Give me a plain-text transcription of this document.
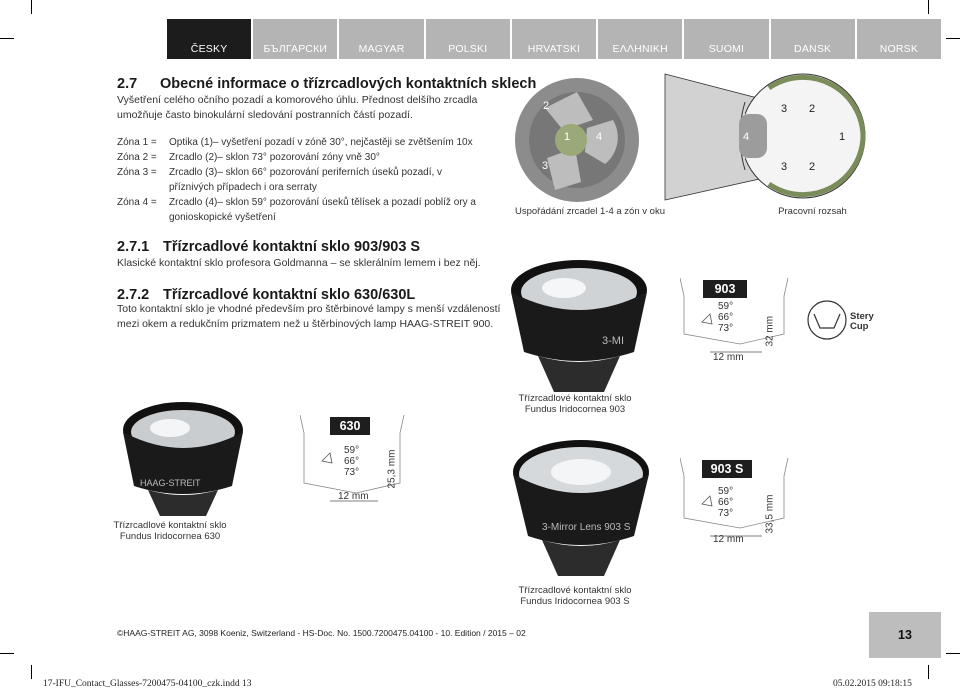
ČESKY	БЪЛГАРСКИ	MAGYAR	POLSKI	HRVATSKI	ΕΛΛΗΝΙΚΗ	SUOMI	DANSK	NORSK
2.7 Obecné informace o třízrcadlových kontaktních sklech
Vyšetření celého očního pozadí a komorového úhlu. Přednost delšího zrcadla
umožňuje často binokulární sledování postranních částí pozadí.
Zóna 1 =	Optika (1)– vyšetření pozadí v zóně 30°, nejčastěji se zvětšením 10x
Zóna 2 =	Zrcadlo (2)– sklon 73° pozorování zóny vně 30°
Zóna 3 =	Zrcadlo (3)– sklon 66° pozorování periferních úseků pozadí, v
příznivých případech i ora serraty
Zóna 4 =	Zrcadlo (4)– sklon 59° pozorování úseků tělísek a pozadí poblíž ory a
gonioskopické vyšetření
2
1 4
3
Uspořádání zrcadel 1-4 a zón v oku
3 2
4	1
3 2
Pracovní rozsah
2.7.1 Třízrcadlové kontaktní sklo 903/903 S
Klasické kontaktní sklo profesora Goldmanna – se sklerálním lemem i bez něj.
2.7.2 Třízrcadlové kontaktní sklo 630/630L
Toto kontaktní sklo je vhodné především pro štěrbinové lampy s menší vzdáleností
mezi okem a redukčním prizmatem než u štěrbinových lamp HAAG-STREIT 900.
3-MI
Třízrcadlové kontaktní sklo
Fundus Iridocornea 903
903
59°
66°
73°	32 mm
12 mm
Stery
Cup
HAAG-STREIT
Třízrcadlové kontaktní sklo
Fundus Iridocornea 630
630
59°
66°
73°	25,3 mm
12 mm
3-Mirror Lens 903 S
Třízrcadlové kontaktní sklo
Fundus Iridocornea 903 S
903 S
59°
66°
73°	33,5 mm
12 mm
©HAAG-STREIT AG, 3098 Koeniz, Switzerland - HS-Doc. No. 1500.7200475.04100 - 10. Edition / 2015 – 02	13
17-IFU_Contact_Glasses-7200475-04100_czk.indd 13	05.02.2015 09:18:15
